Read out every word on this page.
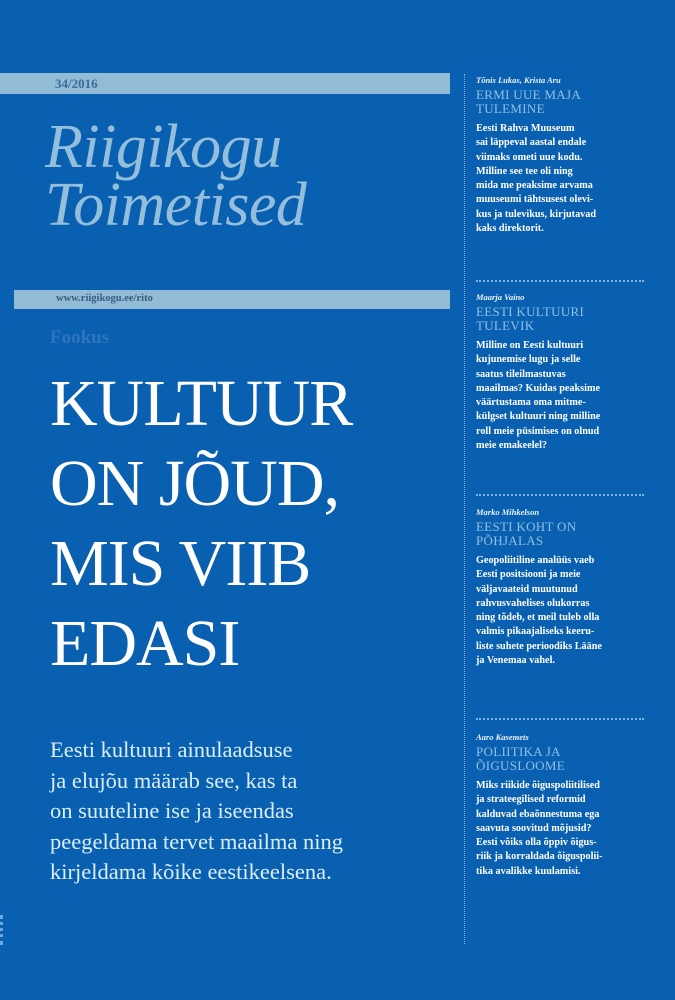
34/2016
Riigikogu
Toimetised
www.riigikogu.ee/rito
Fookus
KULTUUR
ON JÕUD,
MIS VIIB
EDASI
Eesti kultuuri ainulaadsuse
ja elujõu määrab see, kas ta
on suuteline ise ja iseendas
peegeldama tervet maailma ning
kirjeldama kõike eestikeelsena.
Tõnis Lukas, Krista Aru
ERMI UUE MAJA
TULEMINE
Eesti Rahva Muuseum
sai läppeval aastal endale
viimaks ometi uue kodu.
Milline see tee oli ning
mida me peaksime arvama
muuseumi tähtsusest olevi-
kus ja tulevikus, kirjutavad
kaks direktorit.
Maarja Vaino
EESTI KULTUURI
TULEVIK
Milline on Eesti kultuuri
kujunemise lugu ja selle
saatus tileilmastuvas
maailmas? Kuidas peaksime
väärtustama oma mitme-
külgset kultuuri ning milline
roll meie püsimises on olnud
meie emakeelel?
Marko Mihkelson
EESTI KOHT ON
PÕHJALAS
Geopoliitiline analüüs vaeb
Eesti positsiooni ja meie
väljavaateid muutunud
rahvusvahelises olukorras
ning tõdeb, et meil tuleb olla
valmis pikaajaliseks keeru-
liste suhete perioodiks Lääne
ja Venemaa vahel.
Aaro Kasemets
POLIITIKA JA
ÕIGUSLOOME
Miks riikide õiguspoliitilised
ja strateegilised reformid
kalduvad ebaõnnestuma ega
saavuta soovitud mõjusid?
Eesti võiks olla õppiv õigus-
riik ja korraldada õiguspolii-
tika avalikke kuulamisi.
